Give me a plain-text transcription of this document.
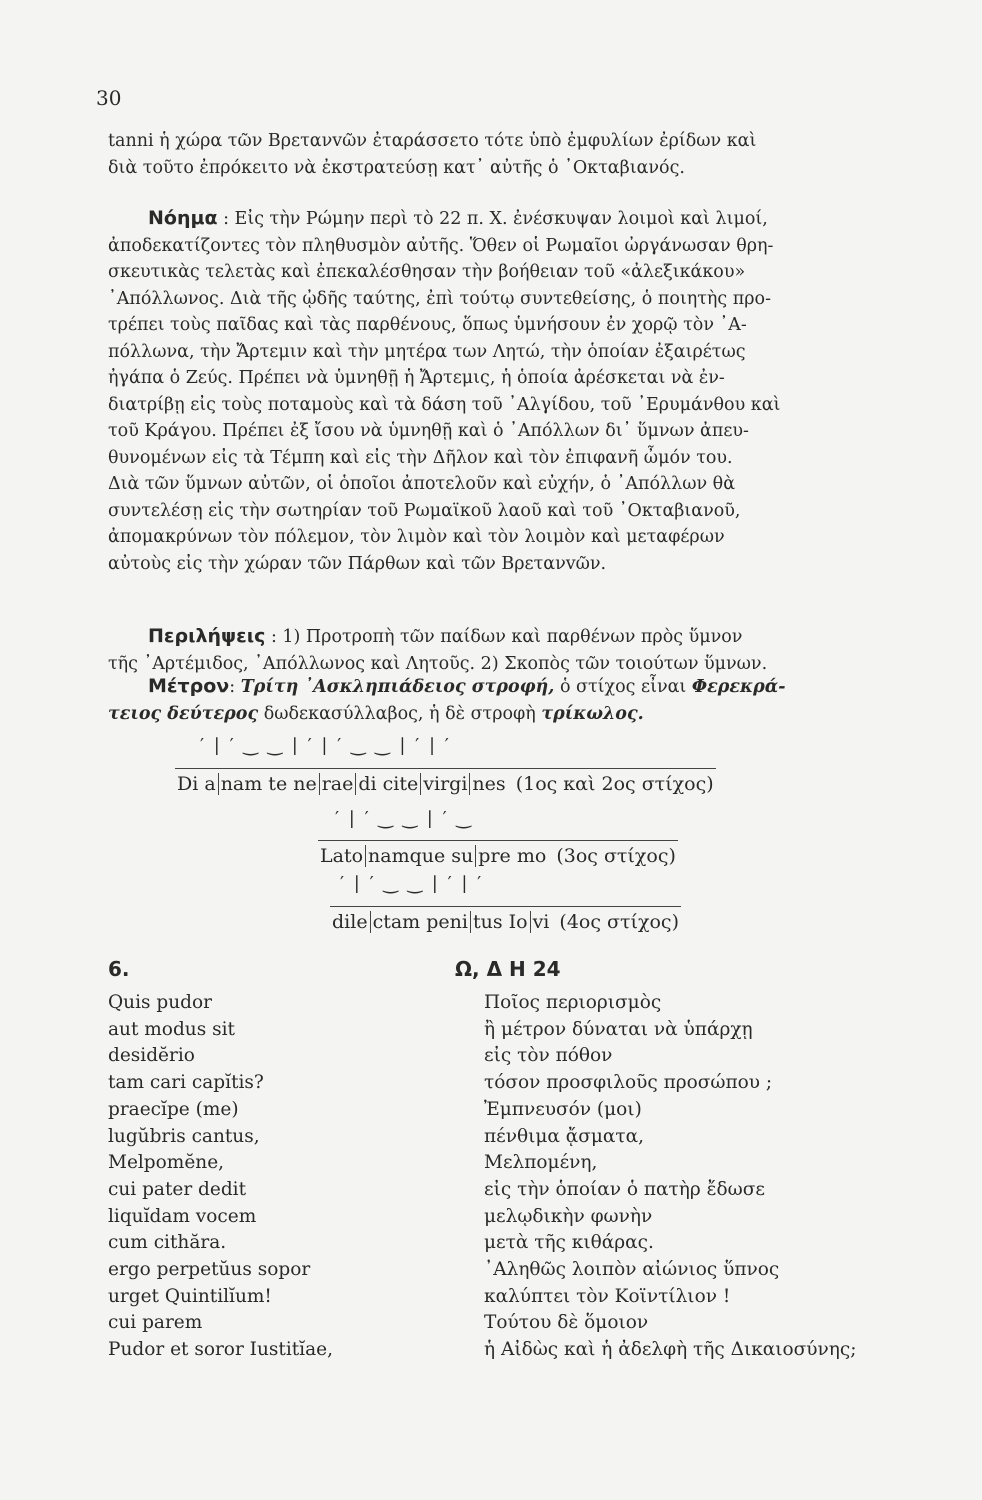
30
tanni ἡ χώρα τῶν Βρετανvῶν ἐταράσσετο τότε ὑπὸ ἐμφυλίων ἐρίδων καὶ
διὰ τοῦτο ἐπρόκειτο νὰ ἐκστρατεύσῃ κατ᾽ αὐτῆς ὁ ᾽Οκταβιανός.
Νόημα : Εἰς τὴν Ρώμην περὶ τὸ 22 π. Χ. ἐνέσκυψαν λοιμοὶ καὶ λιμοί,
ἀποδεκατίζοντες τὸν πληθυσμὸν αὐτῆς. Ὅθεν οἱ Ρωμαῖοι ὠργάνωσαν θρη-
σκευτικὰς τελετὰς καὶ ἐπεκαλέσθησαν τὴν βοήθειαν τοῦ «ἀλεξικάκου»
᾽Απόλλωνος. Διὰ τῆς ᾠδῆς ταύτης, ἐπὶ τούτῳ συντεθείσης, ὁ ποιητὴς προ-
τρέπει τοὺς παῖδας καὶ τὰς παρθένους, ὅπως ὑμνήσουν ἐν χορῷ τὸν ᾽Α-
πόλλωνα, τὴν Ἄρτεμιν καὶ τὴν μητέρα των Λητώ, τὴν ὁποίαν ἐξαιρέτως
ἠγάπα ὁ Ζεύς. Πρέπει νὰ ὑμνηθῇ ἡ Ἄρτεμις, ἡ ὁποία ἀρέσκεται νὰ ἐν-
διατρίβῃ εἰς τοὺς ποταμοὺς καὶ τὰ δάση τοῦ ᾽Αλγίδου, τοῦ ᾽Ερυμάνθου καὶ
τοῦ Κράγου. Πρέπει ἐξ ἴσου νὰ ὑμνηθῇ καὶ ὁ ᾽Απόλλων δι᾽ ὕμνων ἀπευ-
θυνομένων εἰς τὰ Τέμπη καὶ εἰς τὴν Δῆλον καὶ τὸν ἐπιφανῆ ὦμόν του.
Διὰ τῶν ὕμνων αὐτῶν, οἱ ὁποῖοι ἀποτελοῦν καὶ εὐχήν, ὁ ᾽Απόλλων θὰ
συντελέσῃ εἰς τὴν σωτηρίαν τοῦ Ρωμαϊκοῦ λαοῦ καὶ τοῦ ᾽Οκταβιανοῦ,
ἀπομακρύνων τὸν πόλεμον, τὸν λιμὸν καὶ τὸν λοιμὸν καὶ μεταφέρων
αὐτοὺς εἰς τὴν χώραν τῶν Πάρθων καὶ τῶν Βρετανvῶν.
Περιλήψεις : 1) Προτροπὴ τῶν παίδων καὶ παρθένων πρὸς ὕμνον
τῆς ᾽Αρτέμιδος, ᾽Απόλλωνος καὶ Λητοῦς. 2) Σκοπὸς τῶν τοιούτων ὕμνων.
Μέτρον: Τρίτη ᾽Ασκληπιάδειος στροφή, ὁ στίχος εἶναι Φερεκρά-
τειος δεύτερος δωδεκασύλλαβος, ἡ δὲ στροφὴ τρίκωλος.
′ | ′ ‿ ‿ | ′ | ′ ‿ ‿ | ′ | ′
Di a nam te ne rae di cite virgi nes (1ος καὶ 2ος στίχος)
′ | ′ ‿ ‿ | ′ ‿
Lato namque su pre mo (3ος στίχος)
′ | ′ ‿ ‿ | ′ | ′
dile ctam peni tus Io vi (4ος στίχος)
6.	Ω, Δ Η 24
Quis pudor
aut modus sit
desidĕrio
tam cari capĭtis?
praecĭpe (me)
lugŭbris cantus,
Melpomĕne,
cui pater dedit
liquĭdam vocem
cum cithăra.
ergo perpetŭus sopor
urget Quintilĭum!
cui parem
Pudor et soror Iustitĭae,
Ποῖος περιορισμὸς
ἢ μέτρον δύναται νὰ ὑπάρχῃ
εἰς τὸν πόθον
τόσον προσφιλοῦς προσώπου ;
Ἐμπνευσόν (μοι)
πένθιμα ᾄσματα,
Μελπομένη,
εἰς τὴν ὁποίαν ὁ πατὴρ ἔδωσε
μελῳδικὴν φωνὴν
μετὰ τῆς κιθάρας.
᾽Αληθῶς λοιπὸν αἰώνιος ὕπνος
καλύπτει τὸν Κοϊντίλιον !
Τούτου δὲ ὅμοιον
ἡ Αἰδὼς καὶ ἡ ἀδελφὴ τῆς Δικαιοσύνης;
